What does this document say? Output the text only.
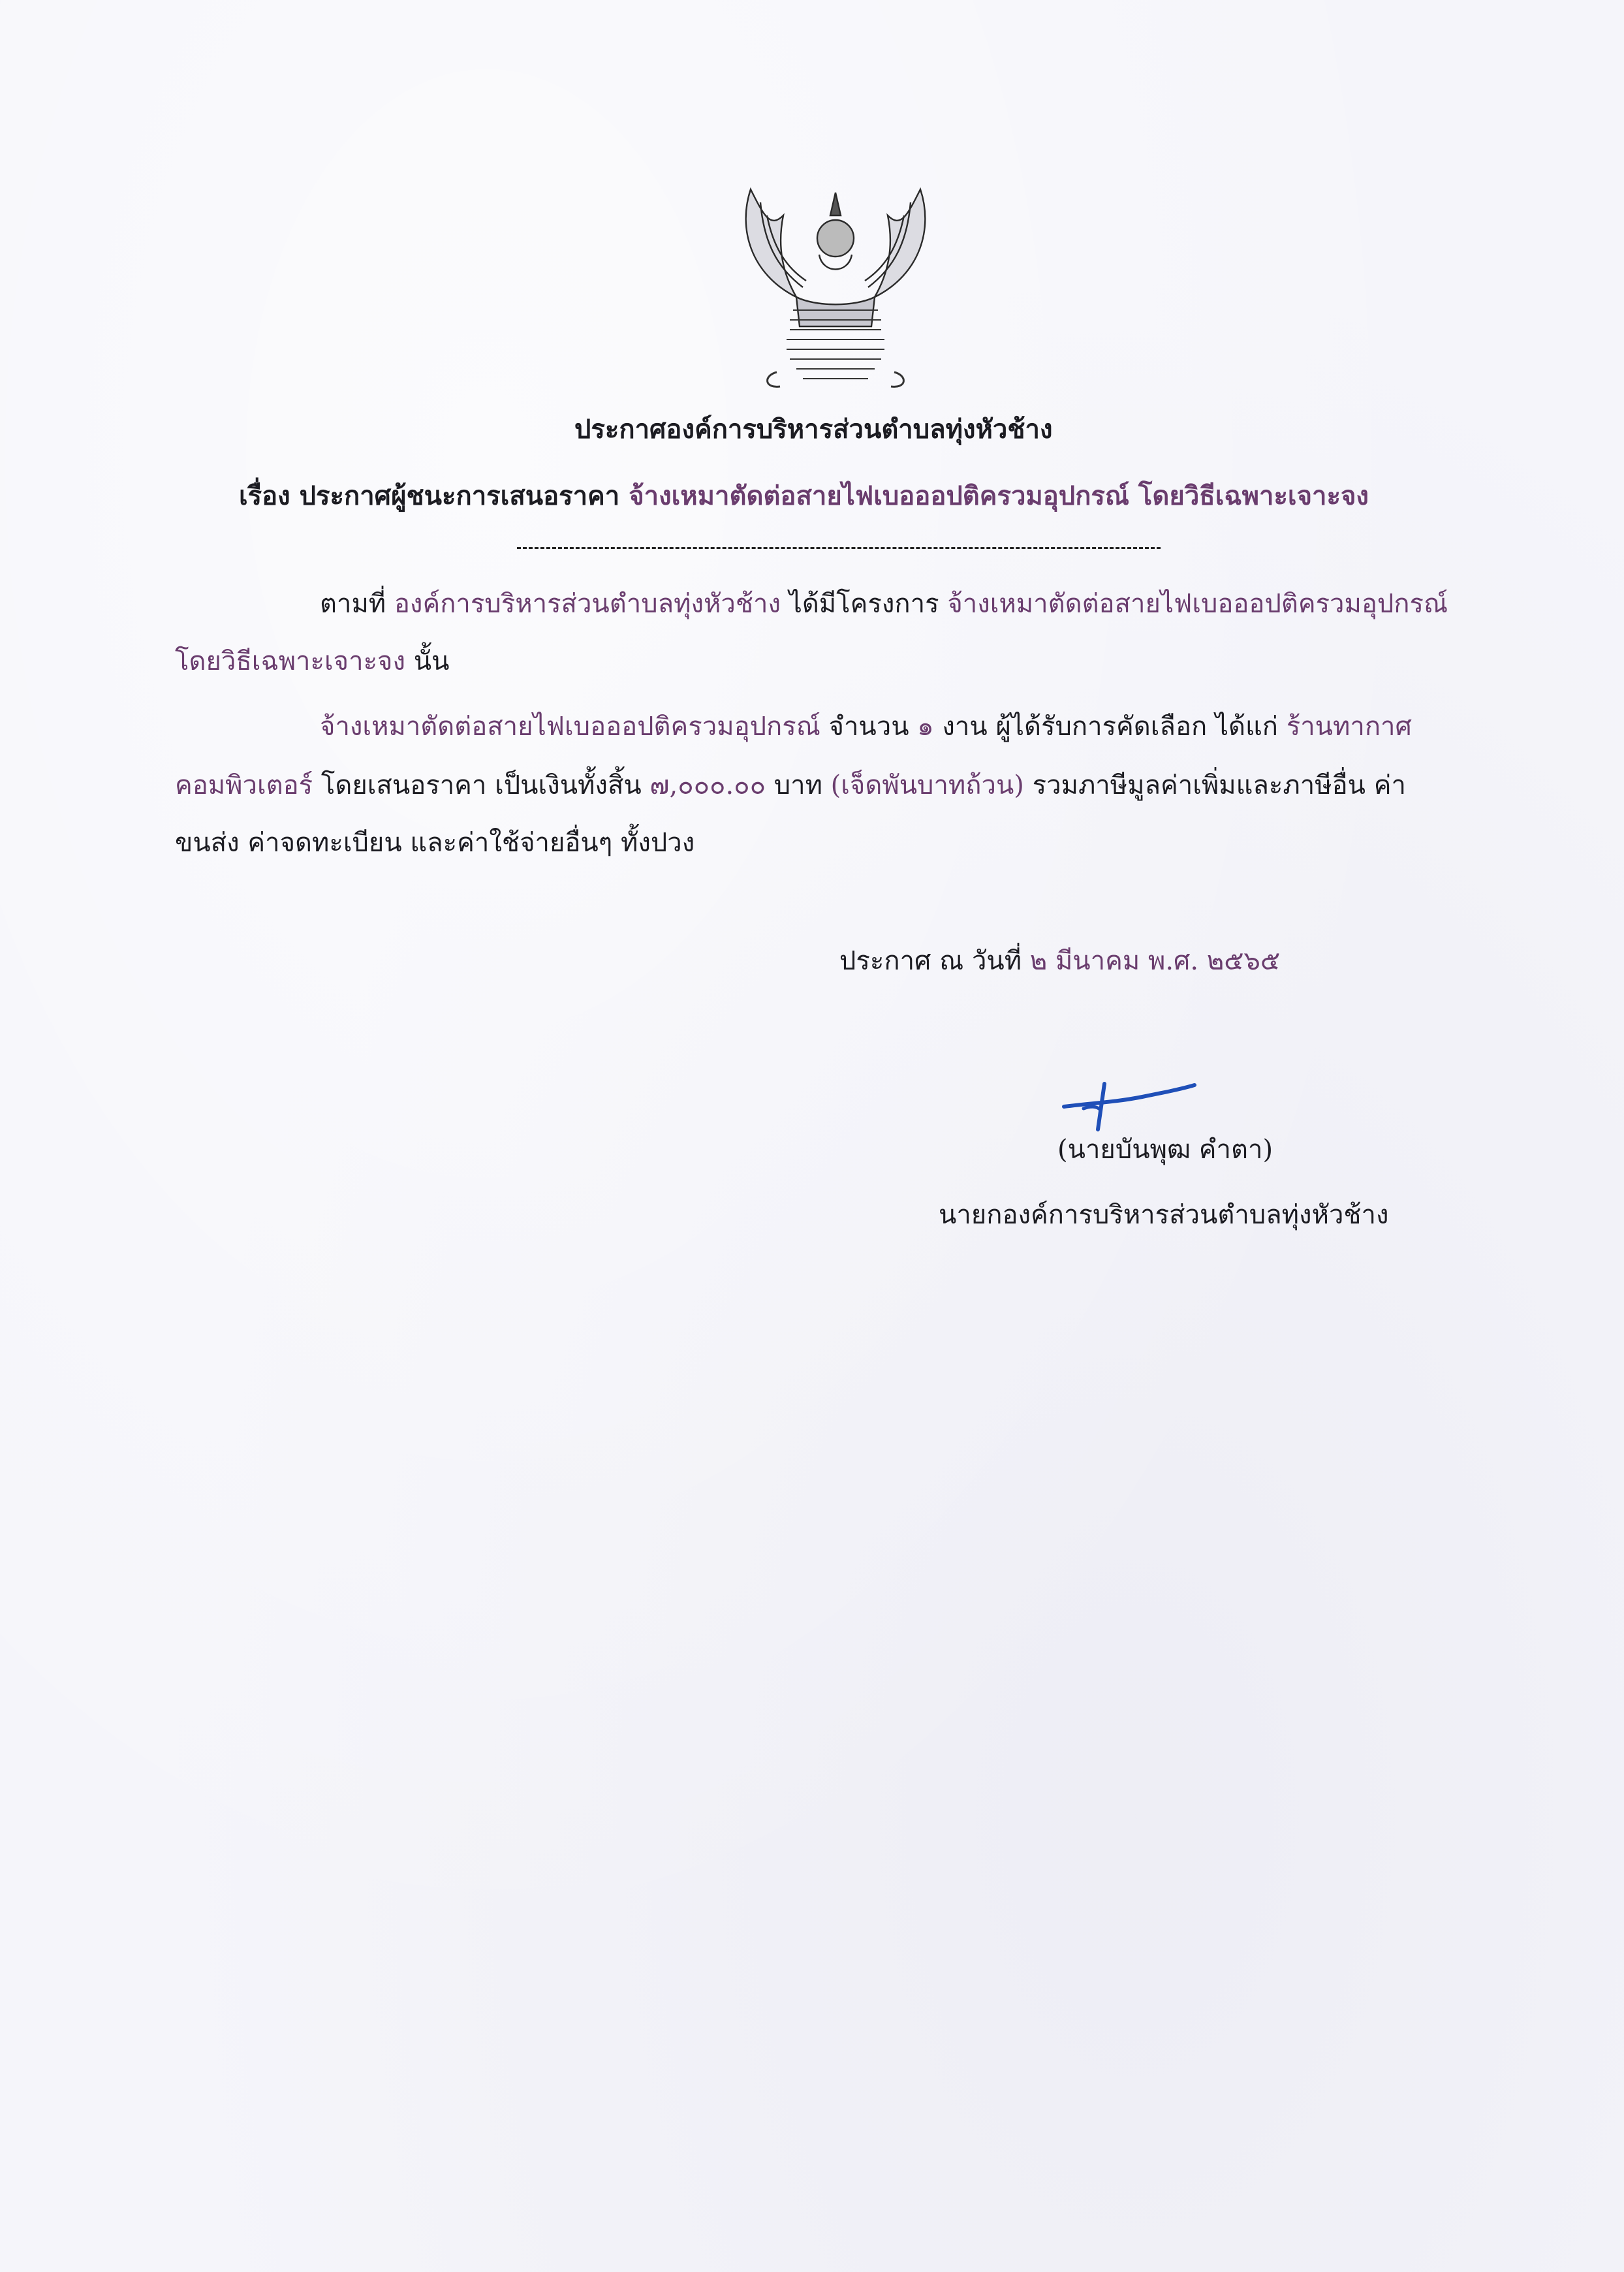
ประกาศองค์การบริหารส่วนตำบลทุ่งหัวช้าง
เรื่อง ประกาศผู้ชนะการเสนอราคา จ้างเหมาตัดต่อสายไฟเบอออปติครวมอุปกรณ์ โดยวิธีเฉพาะเจาะจง
ตามที่ องค์การบริหารส่วนตำบลทุ่งหัวช้าง ได้มีโครงการ จ้างเหมาตัดต่อสายไฟเบอออปติครวมอุปกรณ์
โดยวิธีเฉพาะเจาะจง นั้น
จ้างเหมาตัดต่อสายไฟเบอออปติครวมอุปกรณ์ จำนวน ๑ งาน ผู้ได้รับการคัดเลือก ได้แก่ ร้านทากาศ
คอมพิวเตอร์ โดยเสนอราคา เป็นเงินทั้งสิ้น ๗,๐๐๐.๐๐ บาท (เจ็ดพันบาทถ้วน) รวมภาษีมูลค่าเพิ่มและภาษีอื่น ค่า
ขนส่ง ค่าจดทะเบียน และค่าใช้จ่ายอื่นๆ ทั้งปวง
ประกาศ ณ วันที่ ๒ มีนาคม พ.ศ. ๒๕๖๕
(นายบันพุฒ คำตา)
นายกองค์การบริหารส่วนตำบลทุ่งหัวช้าง
